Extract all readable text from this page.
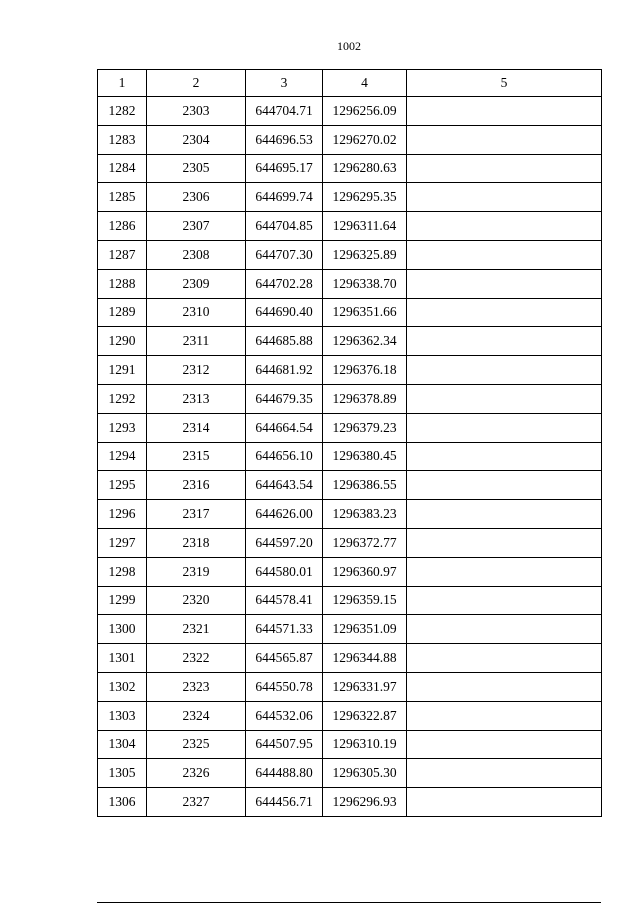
1002
1	2	3	4	5
1282	2303	644704.71	1296256.09	
1283	2304	644696.53	1296270.02	
1284	2305	644695.17	1296280.63	
1285	2306	644699.74	1296295.35	
1286	2307	644704.85	1296311.64	
1287	2308	644707.30	1296325.89	
1288	2309	644702.28	1296338.70	
1289	2310	644690.40	1296351.66	
1290	2311	644685.88	1296362.34	
1291	2312	644681.92	1296376.18	
1292	2313	644679.35	1296378.89	
1293	2314	644664.54	1296379.23	
1294	2315	644656.10	1296380.45	
1295	2316	644643.54	1296386.55	
1296	2317	644626.00	1296383.23	
1297	2318	644597.20	1296372.77	
1298	2319	644580.01	1296360.97	
1299	2320	644578.41	1296359.15	
1300	2321	644571.33	1296351.09	
1301	2322	644565.87	1296344.88	
1302	2323	644550.78	1296331.97	
1303	2324	644532.06	1296322.87	
1304	2325	644507.95	1296310.19	
1305	2326	644488.80	1296305.30	
1306	2327	644456.71	1296296.93	
